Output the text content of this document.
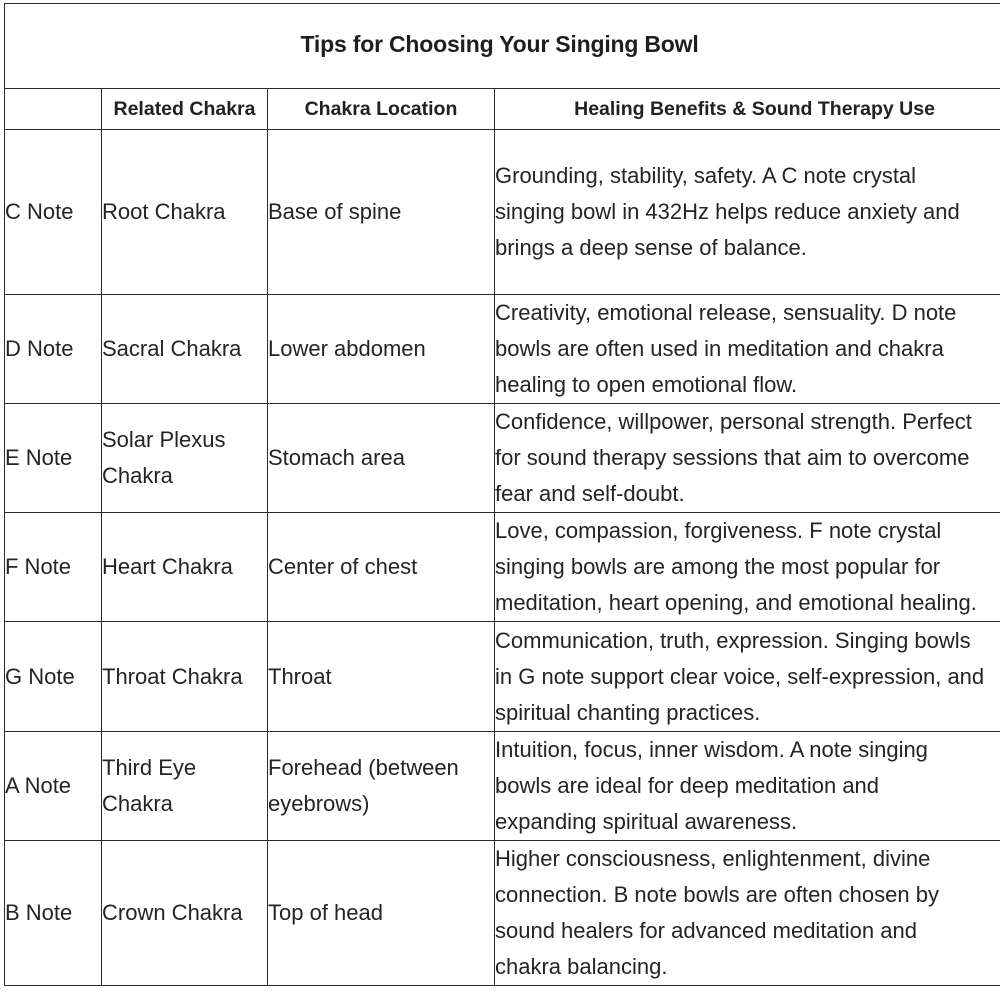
Tips for Choosing Your Singing Bowl			
	Related Chakra	Chakra Location	Healing Benefits & Sound Therapy Use
C Note	Root Chakra	Base of spine	Grounding, stability, safety. A C note crystal
singing bowl in 432Hz helps reduce anxiety and
brings a deep sense of balance.

D Note	Sacral Chakra	Lower abdomen	Creativity, emotional release, sensuality. D note
bowls are often used in meditation and chakra
healing to open emotional flow.

E Note	Solar Plexus
Chakra	Stomach area	Confidence, willpower, personal strength. Perfect
for sound therapy sessions that aim to overcome
fear and self-doubt.

F Note	Heart Chakra	Center of chest	Love, compassion, forgiveness. F note crystal
singing bowls are among the most popular for
meditation, heart opening, and emotional healing.

G Note	Throat Chakra	Throat	Communication, truth, expression. Singing bowls
in G note support clear voice, self-expression, and
spiritual chanting practices.

A Note	Third Eye
Chakra	Forehead (between
eyebrows)	Intuition, focus, inner wisdom. A note singing
bowls are ideal for deep meditation and
expanding spiritual awareness.

B Note	Crown Chakra	Top of head	Higher consciousness, enlightenment, divine
connection. B note bowls are often chosen by
sound healers for advanced meditation and
chakra balancing.
